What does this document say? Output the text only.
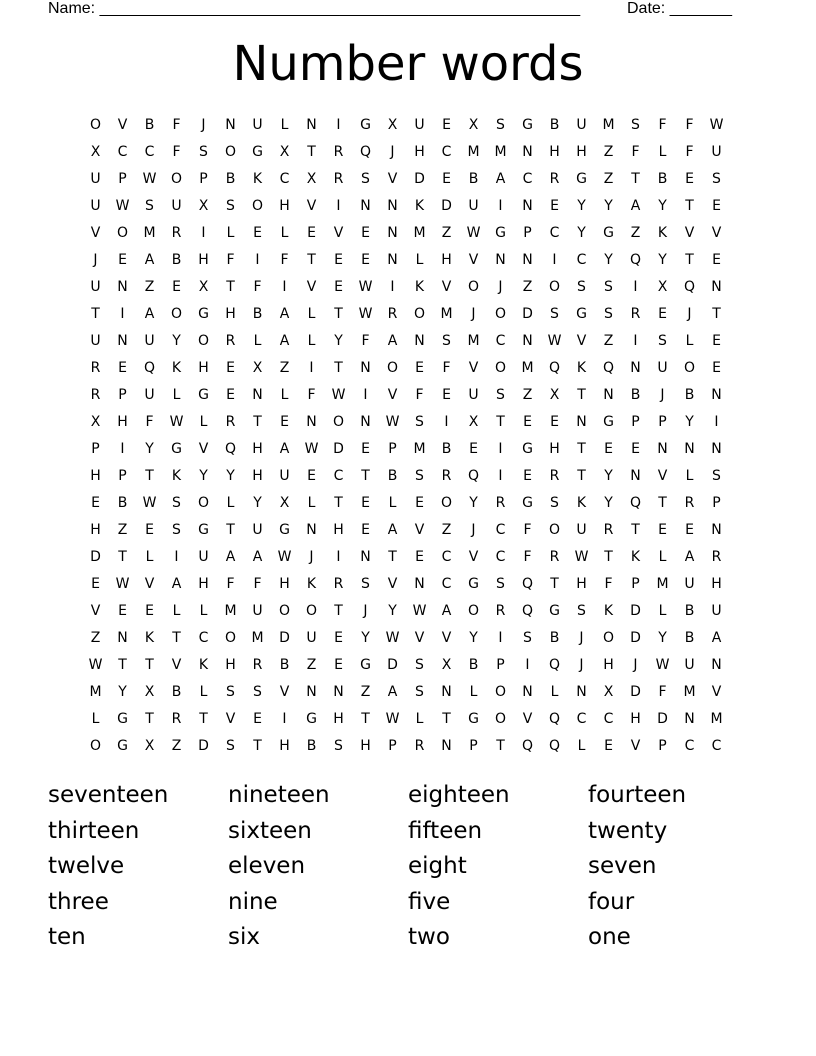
Name: ______________________________________________________	Date: _______
Number words
O	V	B	F	J	N	U	L	N	I	G	X	U	E	X	S	G	B	U	M	S	F	F	W
X	C	C	F	S	O	G	X	T	R	Q	J	H	C	M	M	N	H	H	Z	F	L	F	U
U	P	W	O	P	B	K	C	X	R	S	V	D	E	B	A	C	R	G	Z	T	B	E	S
U	W	S	U	X	S	O	H	V	I	N	N	K	D	U	I	N	E	Y	Y	A	Y	T	E
V	O	M	R	I	L	E	L	E	V	E	N	M	Z	W	G	P	C	Y	G	Z	K	V	V
J	E	A	B	H	F	I	F	T	E	E	N	L	H	V	N	N	I	C	Y	Q	Y	T	E
U	N	Z	E	X	T	F	I	V	E	W	I	K	V	O	J	Z	O	S	S	I	X	Q	N
T	I	A	O	G	H	B	A	L	T	W	R	O	M	J	O	D	S	G	S	R	E	J	T
U	N	U	Y	O	R	L	A	L	Y	F	A	N	S	M	C	N	W	V	Z	I	S	L	E
R	E	Q	K	H	E	X	Z	I	T	N	O	E	F	V	O	M	Q	K	Q	N	U	O	E
R	P	U	L	G	E	N	L	F	W	I	V	F	E	U	S	Z	X	T	N	B	J	B	N
X	H	F	W	L	R	T	E	N	O	N	W	S	I	X	T	E	E	N	G	P	P	Y	I
P	I	Y	G	V	Q	H	A	W	D	E	P	M	B	E	I	G	H	T	E	E	N	N	N
H	P	T	K	Y	Y	H	U	E	C	T	B	S	R	Q	I	E	R	T	Y	N	V	L	S
E	B	W	S	O	L	Y	X	L	T	E	L	E	O	Y	R	G	S	K	Y	Q	T	R	P
H	Z	E	S	G	T	U	G	N	H	E	A	V	Z	J	C	F	O	U	R	T	E	E	N
D	T	L	I	U	A	A	W	J	I	N	T	E	C	V	C	F	R	W	T	K	L	A	R
E	W	V	A	H	F	F	H	K	R	S	V	N	C	G	S	Q	T	H	F	P	M	U	H
V	E	E	L	L	M	U	O	O	T	J	Y	W	A	O	R	Q	G	S	K	D	L	B	U
Z	N	K	T	C	O	M	D	U	E	Y	W	V	V	Y	I	S	B	J	O	D	Y	B	A
W	T	T	V	K	H	R	B	Z	E	G	D	S	X	B	P	I	Q	J	H	J	W	U	N
M	Y	X	B	L	S	S	V	N	N	Z	A	S	N	L	O	N	L	N	X	D	F	M	V
L	G	T	R	T	V	E	I	G	H	T	W	L	T	G	O	V	Q	C	C	H	D	N	M
O	G	X	Z	D	S	T	H	B	S	H	P	R	N	P	T	Q	Q	L	E	V	P	C	C
seventeen	nineteen	eighteen	fourteen
thirteen	sixteen	fifteen	twenty
twelve	eleven	eight	seven
three	nine	five	four
ten	six	two	one
